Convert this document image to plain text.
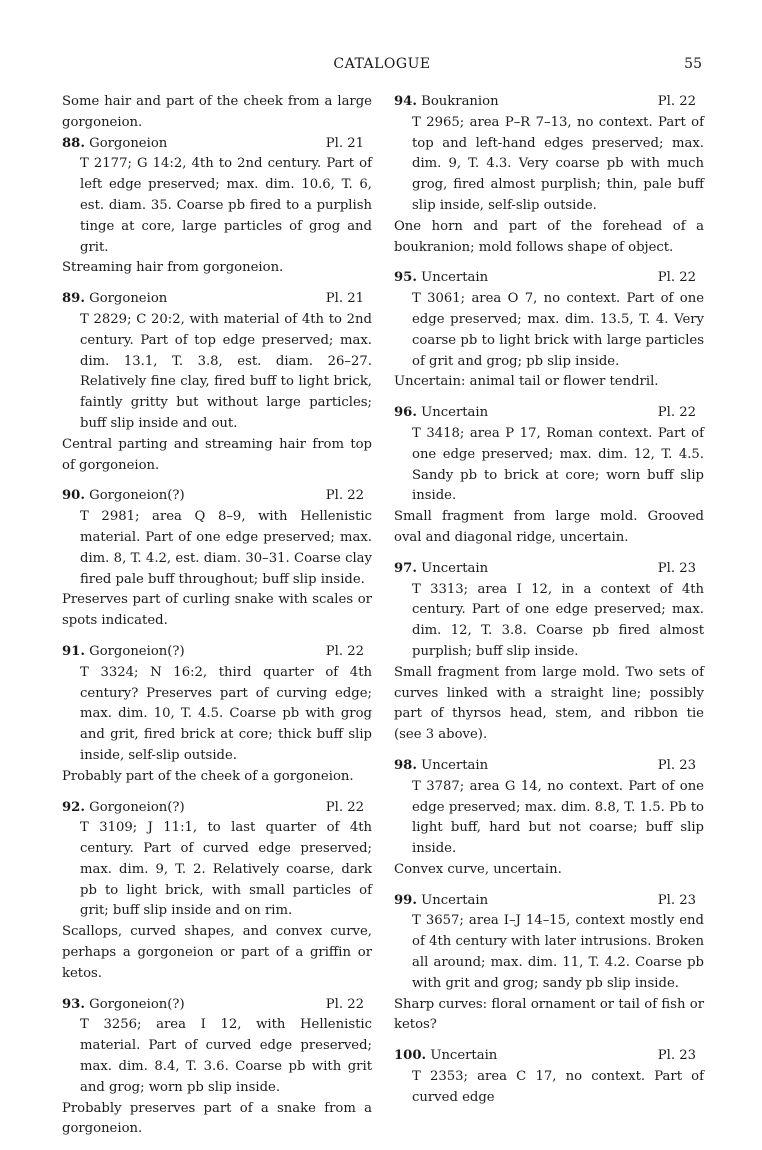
CATALOGUE	55

Some hair and part of the cheek from a large gorgoneion.

88. Gorgoneion	Pl. 21

T 2177; G 14:2, 4th to 2nd century. Part of left edge preserved; max. dim. 10.6, T. 6, est. diam. 35. Coarse pb fired to a purplish tinge at core, large particles of grog and grit.

Streaming hair from gorgoneion.

89. Gorgoneion	Pl. 21

T 2829; C 20:2, with material of 4th to 2nd century. Part of top edge preserved; max. dim. 13.1, T. 3.8, est. diam. 26–27. Relatively fine clay, fired buff to light brick, faintly gritty but without large particles; buff slip inside and out.

Central parting and streaming hair from top of gorgoneion.

90. Gorgoneion(?)	Pl. 22

T 2981; area Q 8–9, with Hellenistic material. Part of one edge preserved; max. dim. 8, T. 4.2, est. diam. 30–31. Coarse clay fired pale buff throughout; buff slip inside.

Preserves part of curling snake with scales or spots indicated.

91. Gorgoneion(?)	Pl. 22

T 3324; N 16:2, third quarter of 4th century? Preserves part of curving edge; max. dim. 10, T. 4.5. Coarse pb with grog and grit, fired brick at core; thick buff slip inside, self-slip outside.

Probably part of the cheek of a gorgoneion.

92. Gorgoneion(?)	Pl. 22

T 3109; J 11:1, to last quarter of 4th century. Part of curved edge preserved; max. dim. 9, T. 2. Relatively coarse, dark pb to light brick, with small particles of grit; buff slip inside and on rim.

Scallops, curved shapes, and convex curve, perhaps a gorgoneion or part of a griffin or ketos.

93. Gorgoneion(?)	Pl. 22

T 3256; area I 12, with Hellenistic material. Part of curved edge preserved; max. dim. 8.4, T. 3.6. Coarse pb with grit and grog; worn pb slip inside.

Probably preserves part of a snake from a gorgoneion.

94. Boukranion	Pl. 22

T 2965; area P–R 7–13, no context. Part of top and left-hand edges preserved; max. dim. 9, T. 4.3. Very coarse pb with much grog, fired almost purplish; thin, pale buff slip inside, self-slip outside.

One horn and part of the forehead of a boukranion; mold follows shape of object.

95. Uncertain	Pl. 22

T 3061; area O 7, no context. Part of one edge preserved; max. dim. 13.5, T. 4. Very coarse pb to light brick with large particles of grit and grog; pb slip inside.

Uncertain: animal tail or flower tendril.

96. Uncertain	Pl. 22

T 3418; area P 17, Roman context. Part of one edge preserved; max. dim. 12, T. 4.5. Sandy pb to brick at core; worn buff slip inside.

Small fragment from large mold. Grooved oval and diagonal ridge, uncertain.

97. Uncertain	Pl. 23

T 3313; area I 12, in a context of 4th century. Part of one edge preserved; max. dim. 12, T. 3.8. Coarse pb fired almost purplish; buff slip inside.

Small fragment from large mold. Two sets of curves linked with a straight line; possibly part of thyrsos head, stem, and ribbon tie (see 3 above).

98. Uncertain	Pl. 23

T 3787; area G 14, no context. Part of one edge preserved; max. dim. 8.8, T. 1.5. Pb to light buff, hard but not coarse; buff slip inside.

Convex curve, uncertain.

99. Uncertain	Pl. 23

T 3657; area I–J 14–15, context mostly end of 4th century with later intrusions. Broken all around; max. dim. 11, T. 4.2. Coarse pb with grit and grog; sandy pb slip inside.

Sharp curves: floral ornament or tail of fish or ketos?

100. Uncertain	Pl. 23

T 2353; area C 17, no context. Part of curved edge
